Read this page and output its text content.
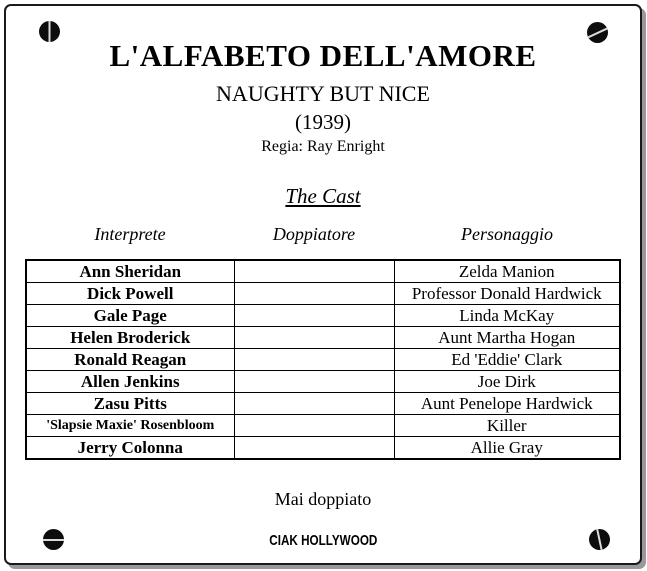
L'ALFABETO DELL'AMORE

NAUGHTY BUT NICE

(1939)

Regia: Ray Enright

The Cast

Interprete	Doppiatore	Personaggio
Ann Sheridan		Zelda Manion
Dick Powell		Professor Donald Hardwick
Gale Page		Linda McKay
Helen Broderick		Aunt Martha Hogan
Ronald Reagan		Ed 'Eddie' Clark
Allen Jenkins		Joe Dirk
Zasu Pitts		Aunt Penelope Hardwick
'Slapsie Maxie' Rosenbloom		Killer
Jerry Colonna		Allie Gray

Mai doppiato

CIAK HOLLYWOOD
